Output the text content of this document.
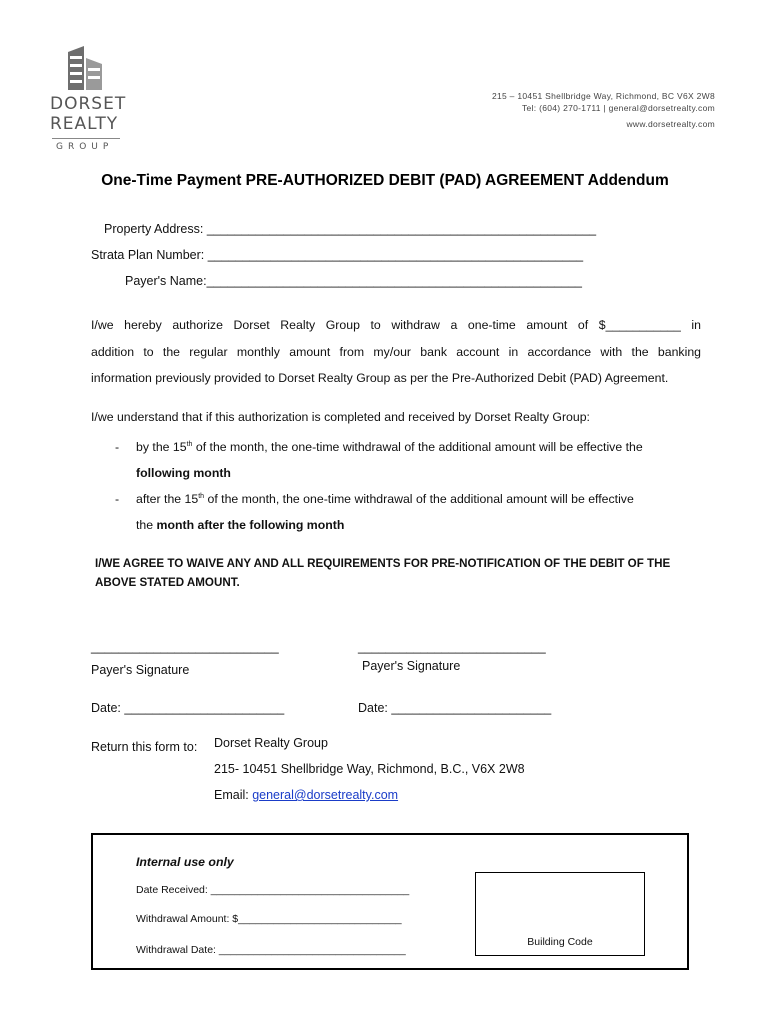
DORSET
REALTY
GROUP
215 – 10451 Shellbridge Way, Richmond, BC V6X 2W8
Tel: (604) 270-1711 | general@dorsetrealty.com
www.dorsetrealty.com
One-Time Payment PRE-AUTHORIZED DEBIT (PAD) AGREEMENT Addendum
Property Address: ________________________________________________________
Strata Plan Number: ______________________________________________________
Payer's Name:______________________________________________________
I/we hereby authorize Dorset Realty Group to withdraw a one-time amount of $___________ in
addition to the regular monthly amount from my/our bank account in accordance with the banking
information previously provided to Dorset Realty Group as per the Pre-Authorized Debit (PAD) Agreement.
I/we understand that if this authorization is completed and received by Dorset Realty Group:
- by the 15th of the month, the one-time withdrawal of the additional amount will be effective the
following month
- after the 15th of the month, the one-time withdrawal of the additional amount will be effective
the month after the following month
I/WE AGREE TO WAIVE ANY AND ALL REQUIREMENTS FOR PRE-NOTIFICATION OF THE DEBIT OF THE
ABOVE STATED AMOUNT.
___________________________	___________________________
Payer's Signature	Payer's Signature
Date: _______________________	Date: _______________________
Return this form to: Dorset Realty Group
215- 10451 Shellbridge Way, Richmond, B.C., V6X 2W8
Email: general@dorsetrealty.com
Internal use only
Date Received: __________________________________
Withdrawal Amount: $____________________________
Withdrawal Date: ________________________________
Building Code
